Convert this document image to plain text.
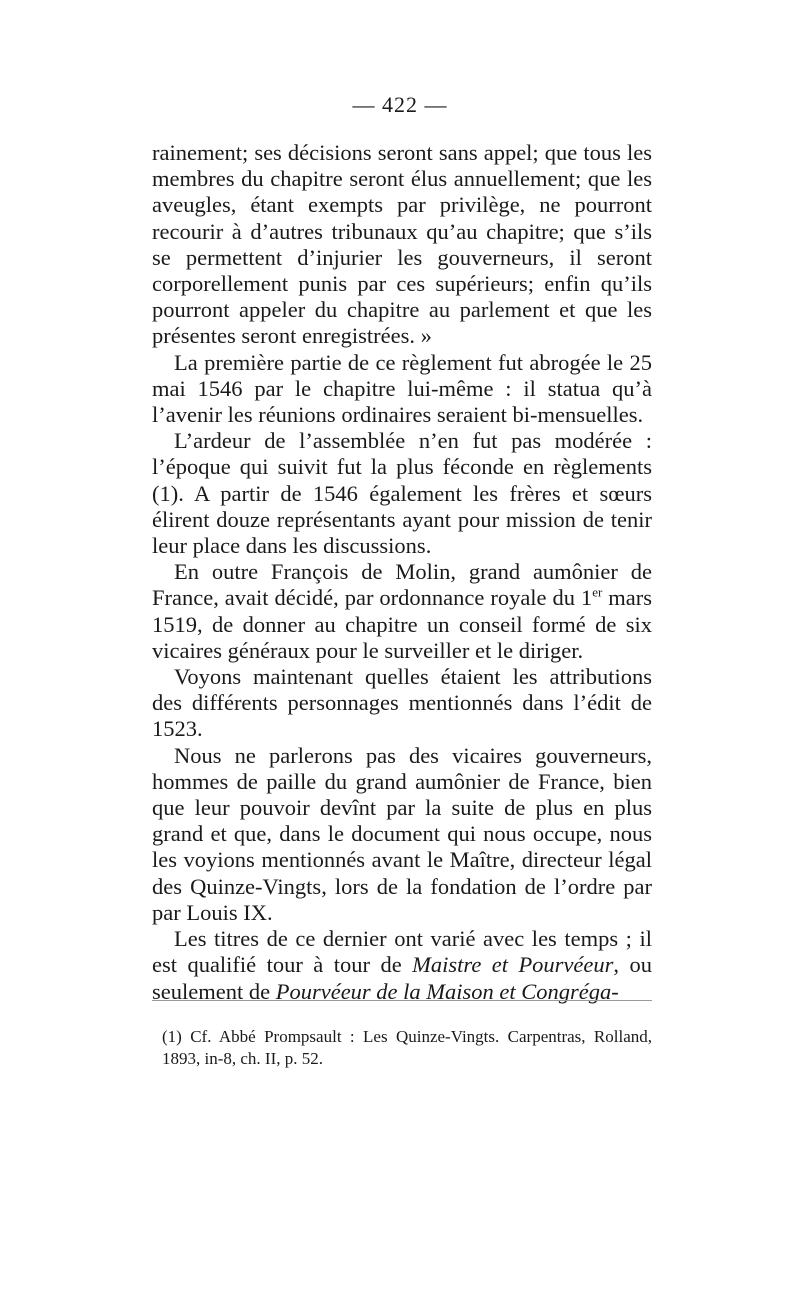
— 422 —

rainement; ses décisions seront sans appel; que tous les membres du chapitre seront élus annuellement; que les aveugles, étant exempts par privilège, ne pourront recourir à d’autres tribunaux qu’au chapitre; que s’ils se permettent d’injurier les gouverneurs, il seront corporellement punis par ces supérieurs; enfin qu’ils pourront appeler du chapitre au parlement et que les présentes seront enregistrées. »

La première partie de ce règlement fut abrogée le 25 mai 1546 par le chapitre lui-même : il statua qu’à l’avenir les réunions ordinaires seraient bi-mensuelles.

L’ardeur de l’assemblée n’en fut pas modérée : l’époque qui suivit fut la plus féconde en règlements (1). A partir de 1546 également les frères et sœurs élirent douze représentants ayant pour mission de tenir leur place dans les discussions.

En outre François de Molin, grand aumônier de France, avait décidé, par ordonnance royale du 1er mars 1519, de donner au chapitre un conseil formé de six vicaires généraux pour le surveiller et le diriger.

Voyons maintenant quelles étaient les attributions des différents personnages mentionnés dans l’édit de 1523.

Nous ne parlerons pas des vicaires gouverneurs, hommes de paille du grand aumônier de France, bien que leur pouvoir devînt par la suite de plus en plus grand et que, dans le document qui nous occupe, nous les voyions mentionnés avant le Maître, directeur légal des Quinze-Vingts, lors de la fondation de l’ordre par par Louis IX.

Les titres de ce dernier ont varié avec les temps ; il est qualifié tour à tour de Maistre et Pourvéeur, ou seulement de Pourvéeur de la Maison et Congréga-

(1) Cf. Abbé Prompsault : Les Quinze-Vingts. Carpentras, Rolland, 1893, in-8, ch. II, p. 52.
